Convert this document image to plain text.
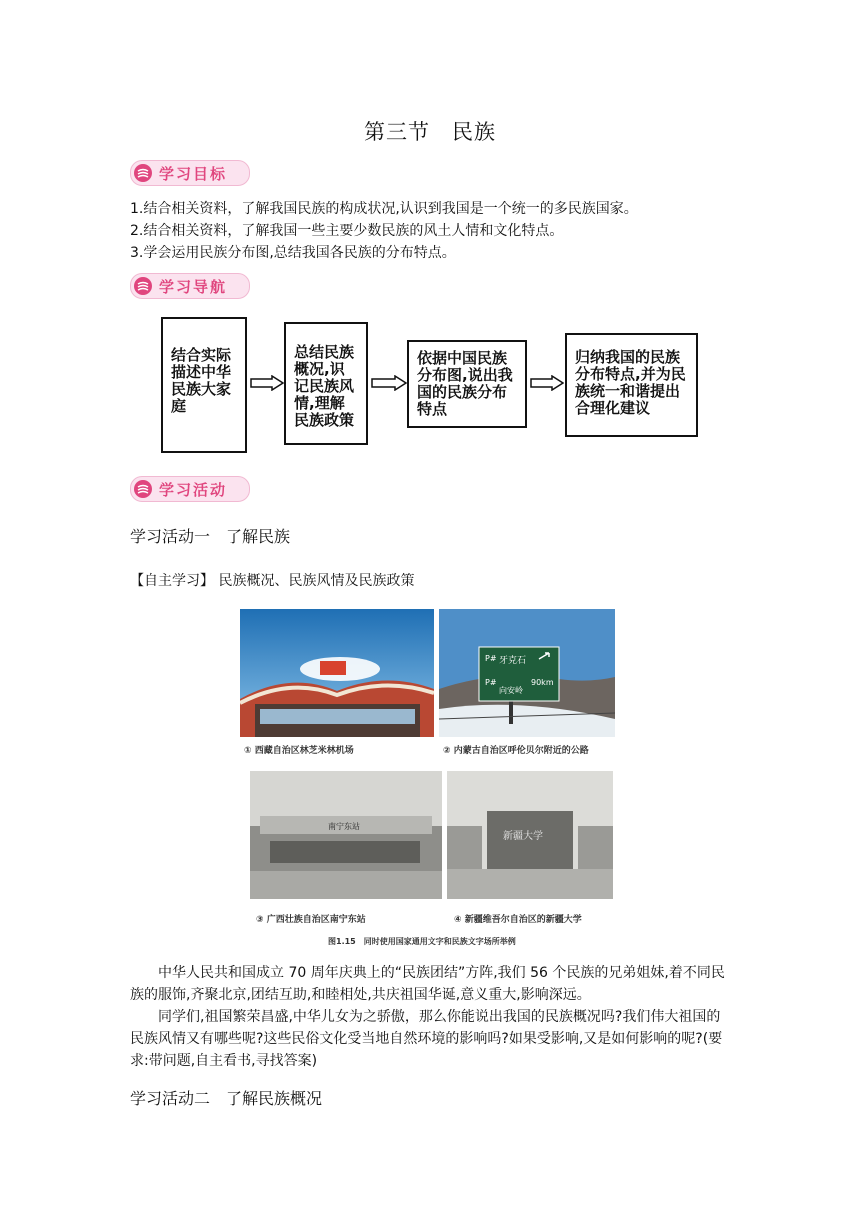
第三节　民族
学习目标
1.结合相关资料，了解我国民族的构成状况,认识到我国是一个统一的多民族国家。
2.结合相关资料，了解我国一些主要少数民族的风土人情和文化特点。
3.学会运用民族分布图,总结我国各民族的分布特点。
学习导航
结合实际描述中华民族大家庭
总结民族概况,识记民族风情,理解民族政策
依据中国民族分布图,说出我国的民族分布特点
归纳我国的民族分布特点,并为民族统一和谐提出合理化建议
学习活动
学习活动一　了解民族
【自主学习】 民族概况、民族风情及民族政策
① 西藏自治区林芝米林机场
P# 牙克石
P#
向安岭
90km
② 内蒙古自治区呼伦贝尔附近的公路
南宁东站
③ 广西壮族自治区南宁东站
新疆大学
④ 新疆维吾尔自治区的新疆大学
图1.15　同时使用国家通用文字和民族文字场所举例
中华人民共和国成立 70 周年庆典上的“民族团结”方阵,我们 56 个民族的兄弟姐妹,着不同民族的服饰,齐聚北京,团结互助,和睦相处,共庆祖国华诞,意义重大,影响深远。
同学们,祖国繁荣昌盛,中华儿女为之骄傲，那么你能说出我国的民族概况吗?我们伟大祖国的民族风情又有哪些呢?这些民俗文化受当地自然环境的影响吗?如果受影响,又是如何影响的呢?(要求:带问题,自主看书,寻找答案)
学习活动二　了解民族概况
